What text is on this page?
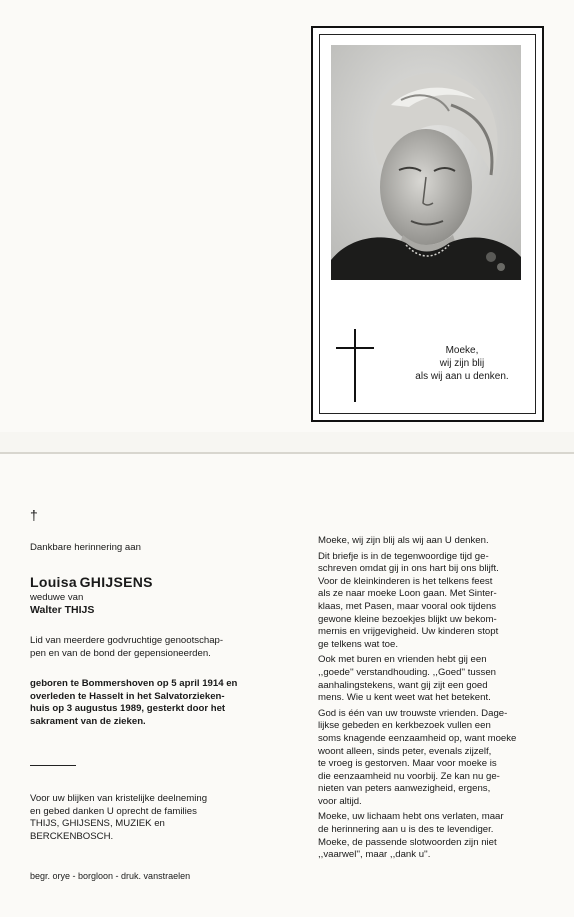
Moeke,
wij zijn blij
als wij aan u denken.
†
Dankbare herinnering aan
Louisa GHIJSENS
weduwe van
Walter THIJS
Lid van meerdere godvruchtige genootschap-
pen en van de bond der gepensioneerden.
geboren te Bommershoven op 5 april 1914 en
overleden te Hasselt in het Salvatorzieken-
huis op 3 augustus 1989, gesterkt door het
sakrament van de zieken.
Voor uw blijken van kristelijke deelneming
en gebed danken U oprecht de families
THIJS, GHIJSENS, MUZIEK en
BERCKENBOSCH.
begr. orye - borgloon - druk. vanstraelen
Moeke, wij zijn blij als wij aan U denken.
Dit briefje is in de tegenwoordige tijd ge-
schreven omdat gij in ons hart bij ons blijft.
Voor de kleinkinderen is het telkens feest
als ze naar moeke Loon gaan. Met Sinter-
klaas, met Pasen, maar vooral ook tijdens
gewone kleine bezoekjes blijkt uw bekom-
mernis en vrijgevigheid. Uw kinderen stopt
ge telkens wat toe.
Ook met buren en vrienden hebt gij een
,,goede'' verstandhouding. ,,Goed'' tussen
aanhalingstekens, want gij zijt een goed
mens. Wie u kent weet wat het betekent.
God is één van uw trouwste vrienden. Dage-
lijkse gebeden en kerkbezoek vullen een
soms knagende eenzaamheid op, want moeke
woont alleen, sinds peter, evenals zijzelf,
te vroeg is gestorven. Maar voor moeke is
die eenzaamheid nu voorbij. Ze kan nu ge-
nieten van peters aanwezigheid, ergens,
voor altijd.
Moeke, uw lichaam hebt ons verlaten, maar
de herinnering aan u is des te levendiger.
Moeke, de passende slotwoorden zijn niet
,,vaarwel'', maar ,,dank u''.
